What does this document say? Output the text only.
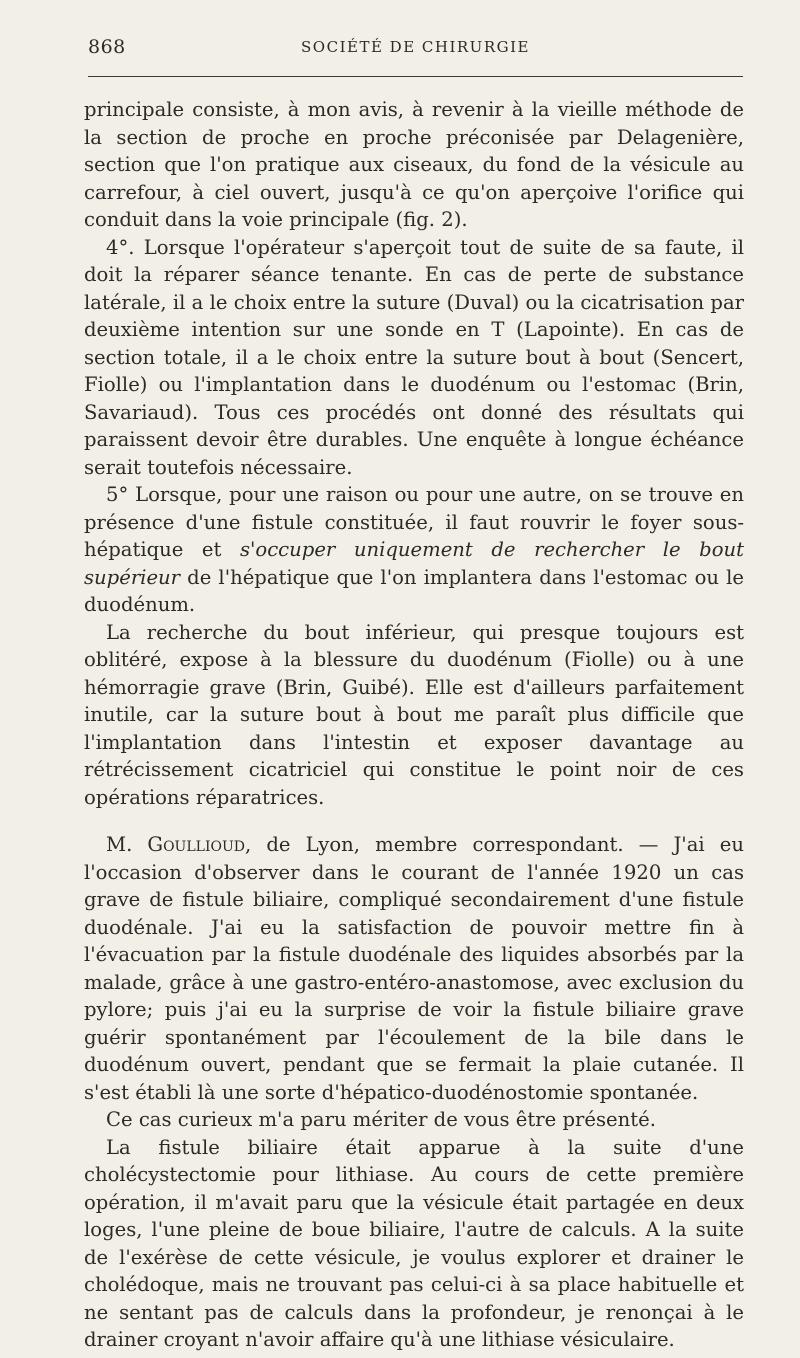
868	SOCIÉTÉ DE CHIRURGIE

principale consiste, à mon avis, à revenir à la vieille méthode de la section de proche en proche préconisée par Delagenière, section que l'on pratique aux ciseaux, du fond de la vésicule au carrefour, à ciel ouvert, jusqu'à ce qu'on aperçoive l'orifice qui conduit dans la voie principale (fig. 2).

4°. Lorsque l'opérateur s'aperçoit tout de suite de sa faute, il doit la réparer séance tenante. En cas de perte de substance latérale, il a le choix entre la suture (Duval) ou la cicatrisation par deuxième intention sur une sonde en T (Lapointe). En cas de section totale, il a le choix entre la suture bout à bout (Sencert, Fiolle) ou l'implantation dans le duodénum ou l'estomac (Brin, Savariaud). Tous ces procédés ont donné des résultats qui paraissent devoir être durables. Une enquête à longue échéance serait toutefois nécessaire.

5° Lorsque, pour une raison ou pour une autre, on se trouve en présence d'une fistule constituée, il faut rouvrir le foyer sous-hépatique et s'occuper uniquement de rechercher le bout supérieur de l'hépatique que l'on implantera dans l'estomac ou le duodénum.

La recherche du bout inférieur, qui presque toujours est oblitéré, expose à la blessure du duodénum (Fiolle) ou à une hémorragie grave (Brin, Guibé). Elle est d'ailleurs parfaitement inutile, car la suture bout à bout me paraît plus difficile que l'implantation dans l'intestin et exposer davantage au rétrécissement cicatriciel qui constitue le point noir de ces opérations réparatrices.

M. Goullioud, de Lyon, membre correspondant. — J'ai eu l'occasion d'observer dans le courant de l'année 1920 un cas grave de fistule biliaire, compliqué secondairement d'une fistule duodénale. J'ai eu la satisfaction de pouvoir mettre fin à l'évacuation par la fistule duodénale des liquides absorbés par la malade, grâce à une gastro-entéro-anastomose, avec exclusion du pylore; puis j'ai eu la surprise de voir la fistule biliaire grave guérir spontanément par l'écoulement de la bile dans le duodénum ouvert, pendant que se fermait la plaie cutanée. Il s'est établi là une sorte d'hépatico-duodénostomie spontanée.

Ce cas curieux m'a paru mériter de vous être présenté.

La fistule biliaire était apparue à la suite d'une cholécystectomie pour lithiase. Au cours de cette première opération, il m'avait paru que la vésicule était partagée en deux loges, l'une pleine de boue biliaire, l'autre de calculs. A la suite de l'exérèse de cette vésicule, je voulus explorer et drainer le cholédoque, mais ne trouvant pas celui-ci à sa place habituelle et ne sentant pas de calculs dans la profondeur, je renonçai à le drainer croyant n'avoir affaire qu'à une lithiase vésiculaire.
